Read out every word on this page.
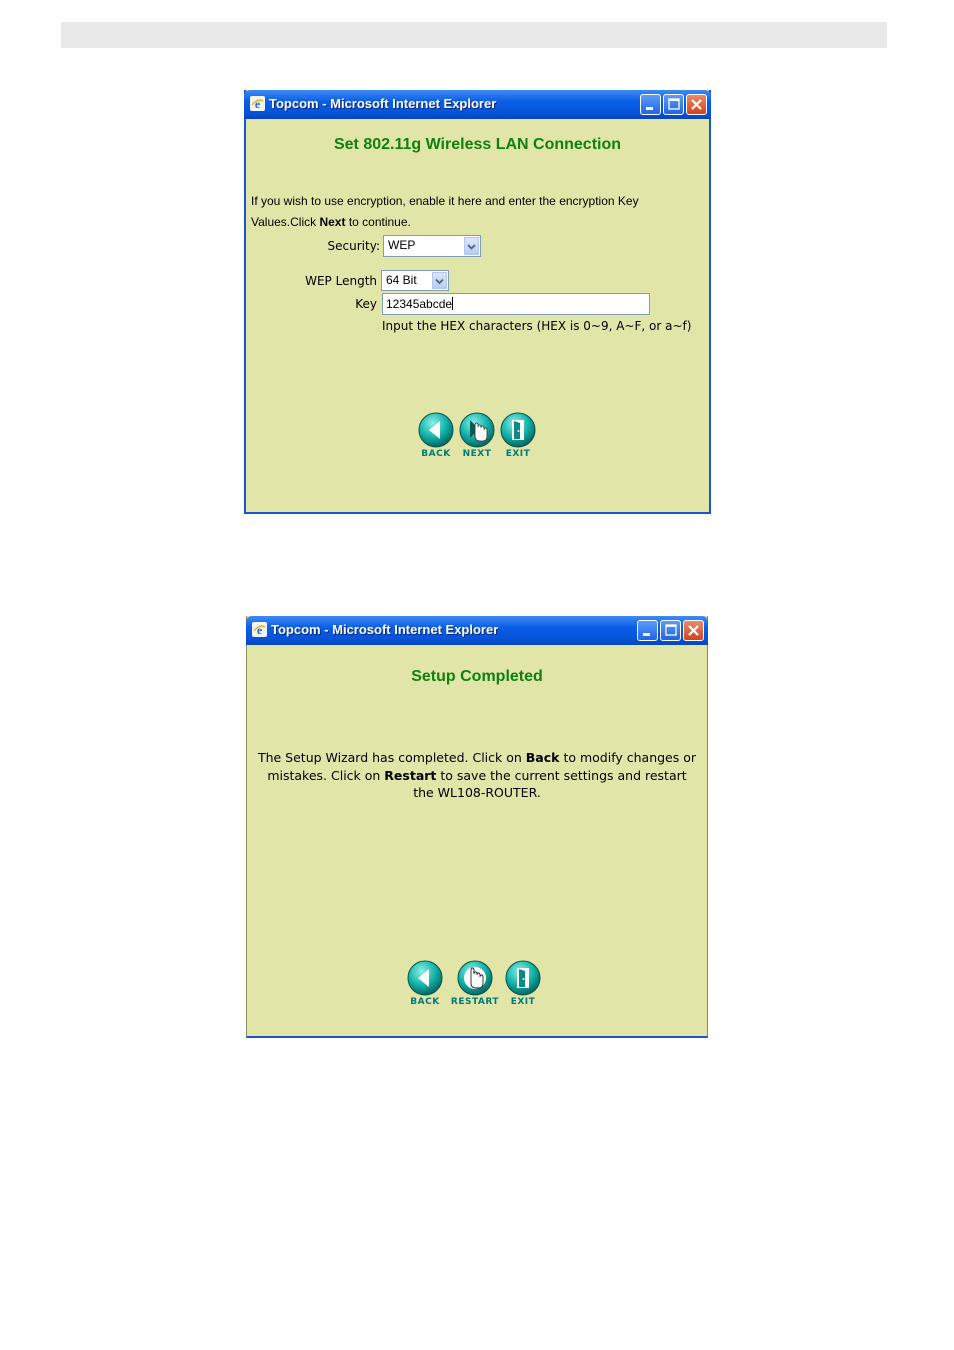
e Topcom - Microsoft Internet Explorer
Set 802.11g Wireless LAN Connection
If you wish to use encryption, enable it here and enter the encryption Key Values.Click Next to continue.
Security: WEP
WEP Length 64 Bit
Key 12345abcde
Input the HEX characters (HEX is 0~9, A~F, or a~f)
BACK	NEXT	EXIT
e Topcom - Microsoft Internet Explorer
Setup Completed
The Setup Wizard has completed. Click on Back to modify changes or mistakes. Click on Restart to save the current settings and restart the WL108-ROUTER.
BACK	RESTART	EXIT
